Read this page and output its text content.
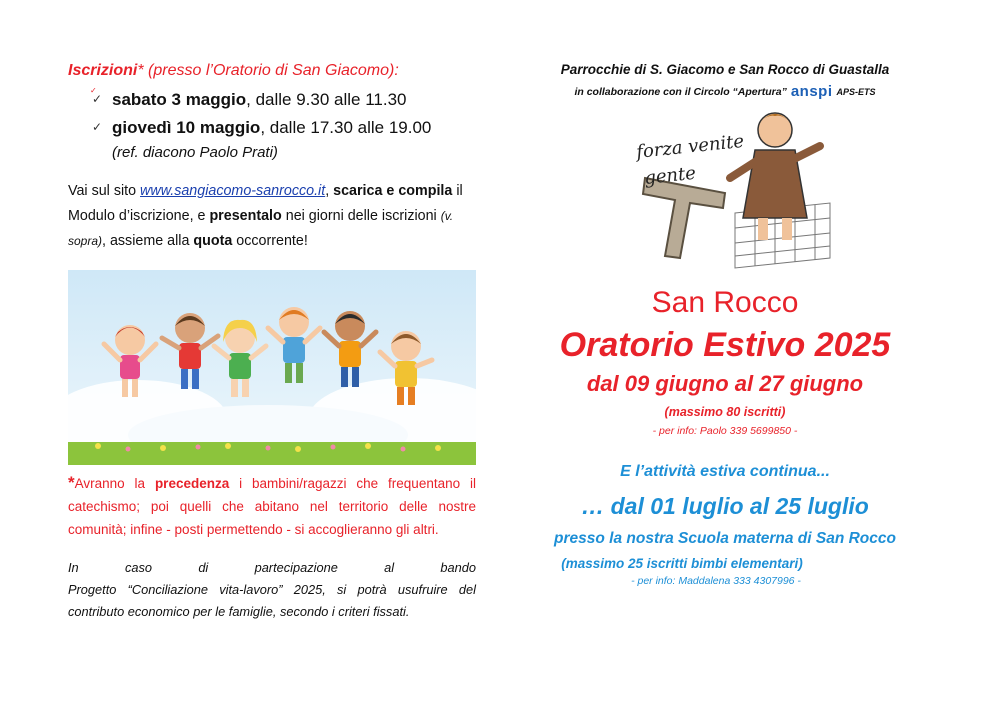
Iscrizioni* (presso l’Oratorio di San Giacomo):
✓
✓ sabato 3 maggio, dalle 9.30 alle 11.30
✓ giovedì 10 maggio, dalle 17.30 alle 19.00
(ref. diacono Paolo Prati)
Vai sul sito www.sangiacomo-sanrocco.it, scarica e compila il Modulo d’iscrizione, e presentalo nei giorni delle iscrizioni (v. sopra), assieme alla quota occorrente!
*Avranno la precedenza i bambini/ragazzi che frequentano il catechismo; poi quelli che abitano nel territorio delle nostre comunità; infine - posti permettendo - si accoglieranno gli altri.
In	caso	di	partecipazione	al	bando
Progetto “Conciliazione vita-lavoro” 2025, si potrà usufruire del contributo economico per le famiglie, secondo i criteri fissati.
Parrocchie di S. Giacomo e San Rocco di Guastalla
in collaborazione con il Circolo “Apertura” anspi APS-ETS
forza venite
gente
San Rocco
Oratorio Estivo 2025
dal 09 giugno al 27 giugno
(massimo 80 iscritti)
- per info: Paolo 339 5699850 -
E l’attività estiva continua...
… dal 01 luglio al 25 luglio
presso la nostra Scuola materna di San Rocco
(massimo 25 iscritti bimbi elementari)
- per info: Maddalena 333 4307996 -
